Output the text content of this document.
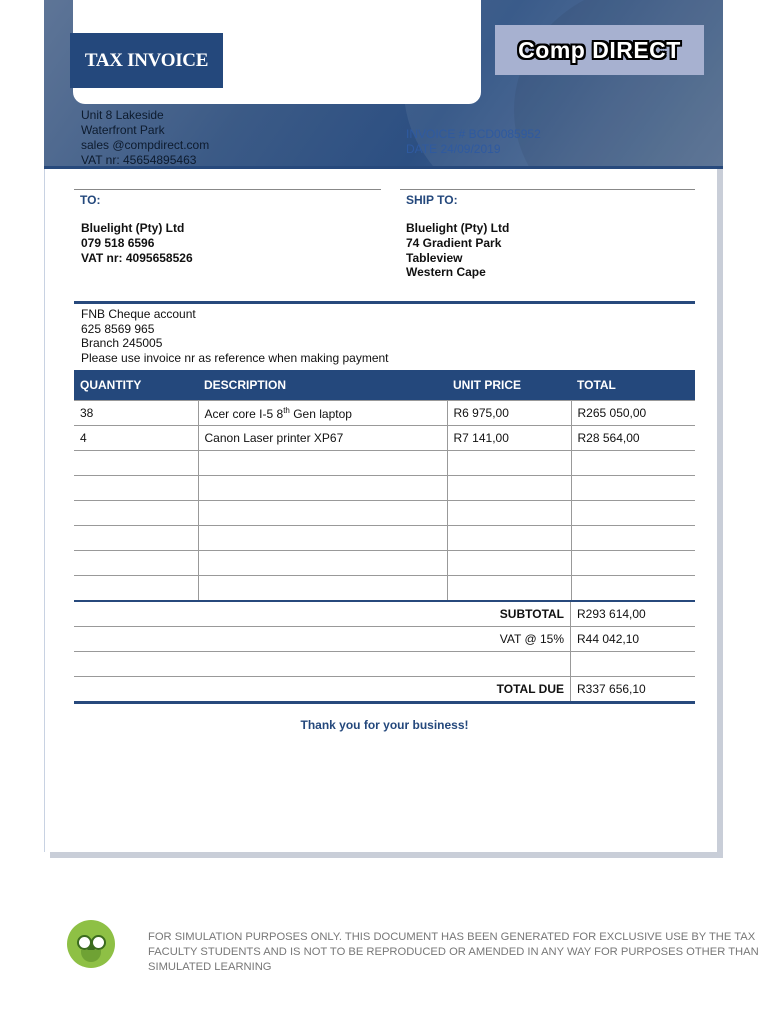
TAX INVOICE	Comp DIRECT
Unit 8 Lakeside
Waterfront Park
sales @compdirect.com
VAT nr: 45654895463
INVOICE # BCD0085952
DATE 24/09/2019
TO:	SHIP TO:
Bluelight (Pty) Ltd
079 518 6596
VAT nr: 4095658526
Bluelight (Pty) Ltd
74 Gradient Park
Tableview
Western Cape
FNB Cheque account
625 8569 965
Branch 245005
Please use invoice nr as reference when making payment
QUANTITY	DESCRIPTION	UNIT PRICE	TOTAL
38	Acer core I-5 8th Gen laptop	R6 975,00	R265 050,00
4	Canon Laser printer XP67	R7 141,00	R28 564,00

SUBTOTAL	R293 614,00
VAT @ 15%	R44 042,10

TOTAL DUE	R337 656,10
Thank you for your business!
FOR SIMULATION PURPOSES ONLY. THIS DOCUMENT HAS BEEN GENERATED FOR EXCLUSIVE USE BY THE TAX
FACULTY STUDENTS AND IS NOT TO BE REPRODUCED OR AMENDED IN ANY WAY FOR PURPOSES OTHER THAN
SIMULATED LEARNING
